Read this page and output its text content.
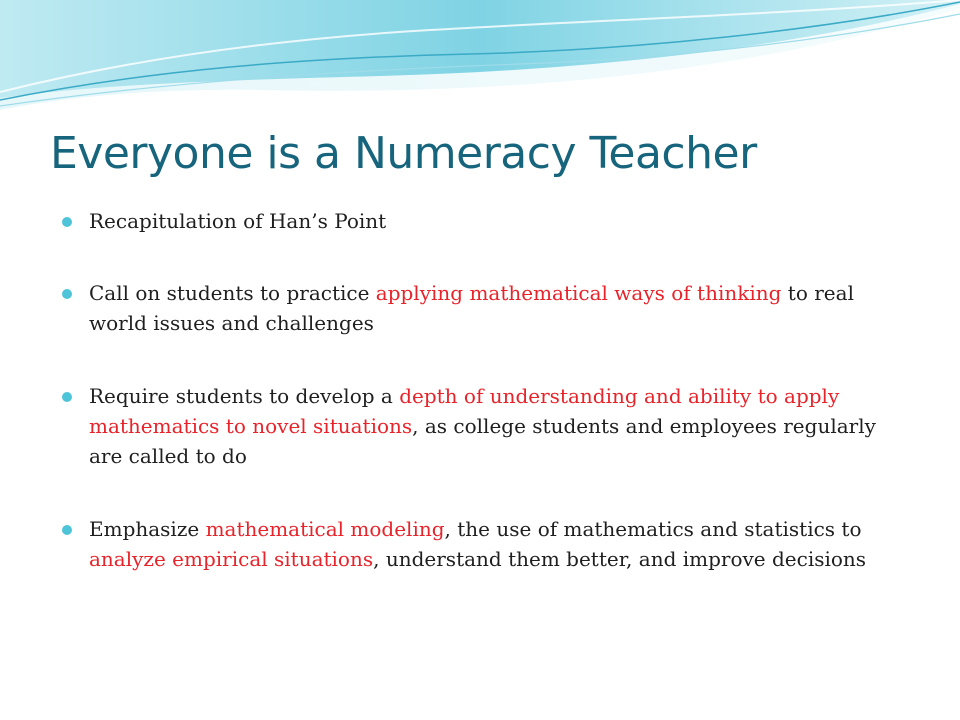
Everyone is a Numeracy Teacher
Recapitulation of Han’s Point
Call on students to practice applying mathematical ways of thinking to real world issues and challenges
Require students to develop a depth of understanding and ability to apply mathematics to novel situations, as college students and employees regularly are called to do
Emphasize mathematical modeling, the use of mathematics and statistics to analyze empirical situations, understand them better, and improve decisions
